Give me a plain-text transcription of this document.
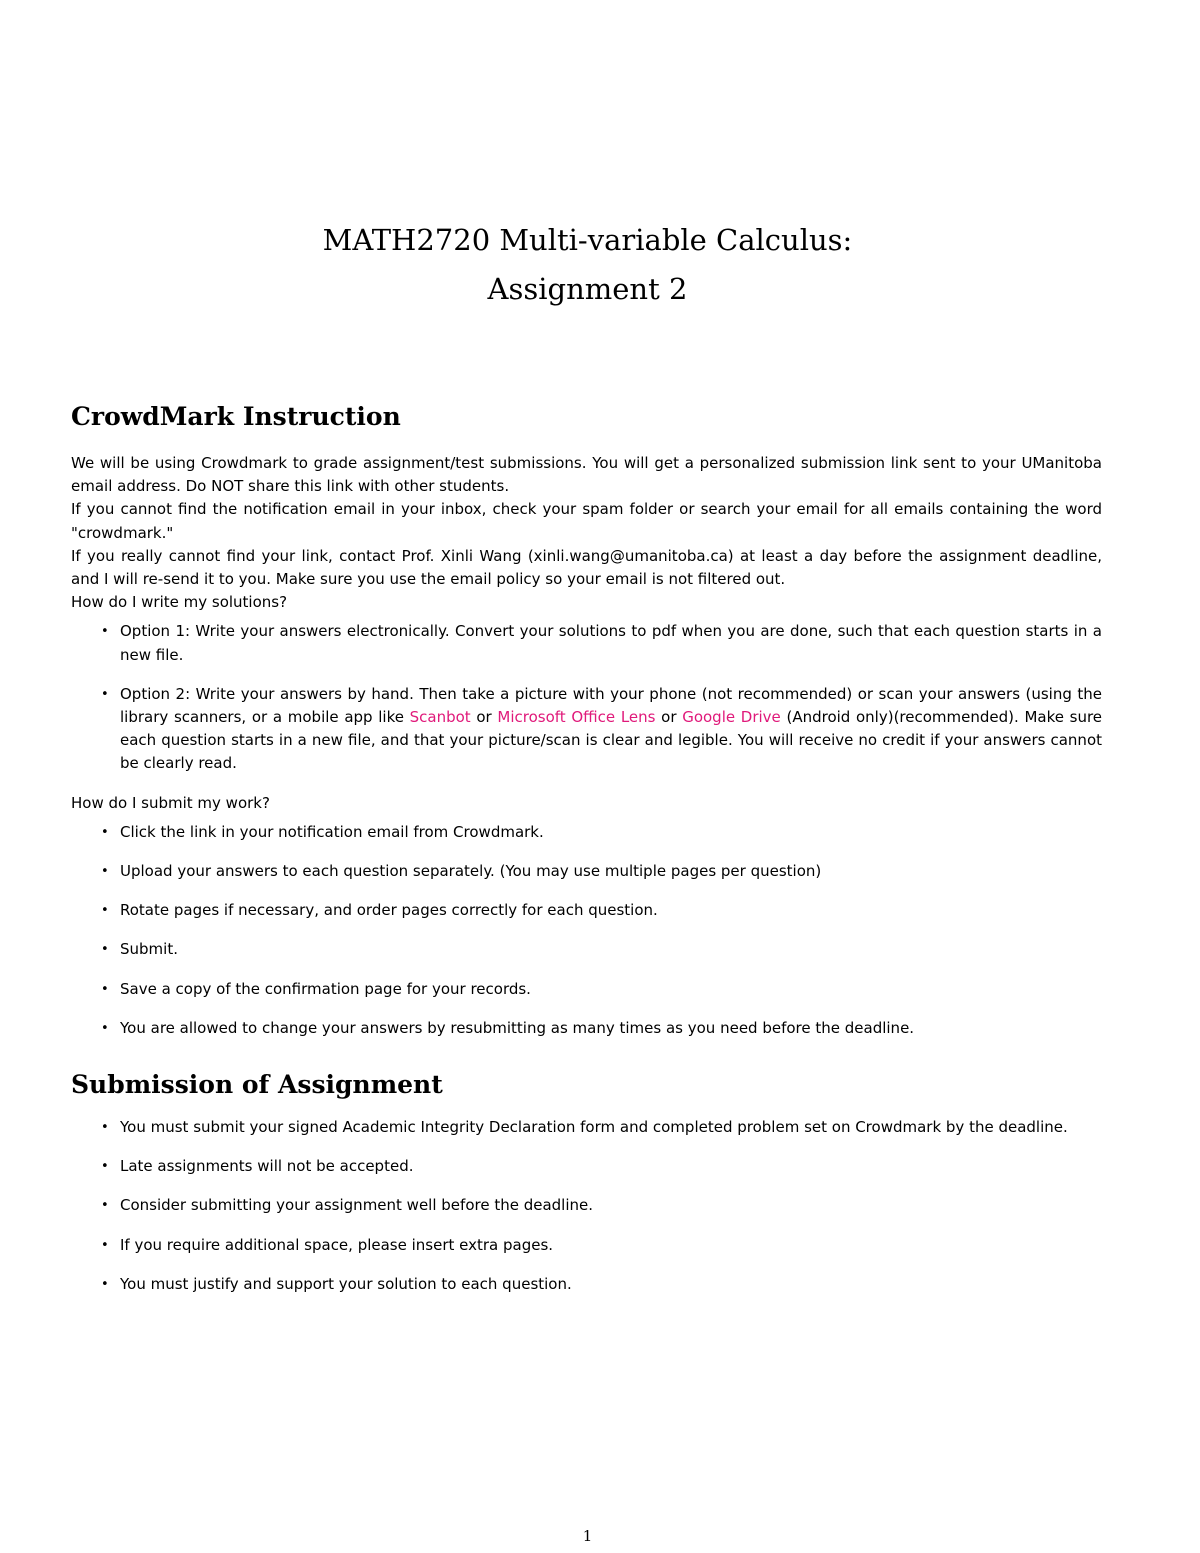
MATH2720 Multi-variable Calculus:
Assignment 2
CrowdMark Instruction

We will be using Crowdmark to grade assignment/test submissions. You will get a personalized submission link sent to your UManitoba email address. Do NOT share this link with other students.

If you cannot find the notification email in your inbox, check your spam folder or search your email for all emails containing the word "crowdmark."

If you really cannot find your link, contact Prof. Xinli Wang (xinli.wang@umanitoba.ca) at least a day before the assignment deadline, and I will re-send it to you. Make sure you use the email policy so your email is not filtered out.

How do I write my solutions?

• Option 1: Write your answers electronically. Convert your solutions to pdf when you are done, such that each question starts in a new file.
• Option 2: Write your answers by hand. Then take a picture with your phone (not recommended) or scan your answers (using the library scanners, or a mobile app like Scanbot or Microsoft Office Lens or Google Drive (Android only)(recommended). Make sure each question starts in a new file, and that your picture/scan is clear and legible. You will receive no credit if your answers cannot be clearly read.

How do I submit my work?

• Click the link in your notification email from Crowdmark.
• Upload your answers to each question separately. (You may use multiple pages per question)
• Rotate pages if necessary, and order pages correctly for each question.
• Submit.
• Save a copy of the confirmation page for your records.
• You are allowed to change your answers by resubmitting as many times as you need before the deadline.
Submission of Assignment
• You must submit your signed Academic Integrity Declaration form and completed problem set on Crowdmark by the deadline.
• Late assignments will not be accepted.
• Consider submitting your assignment well before the deadline.
• If you require additional space, please insert extra pages.
• You must justify and support your solution to each question.
1
